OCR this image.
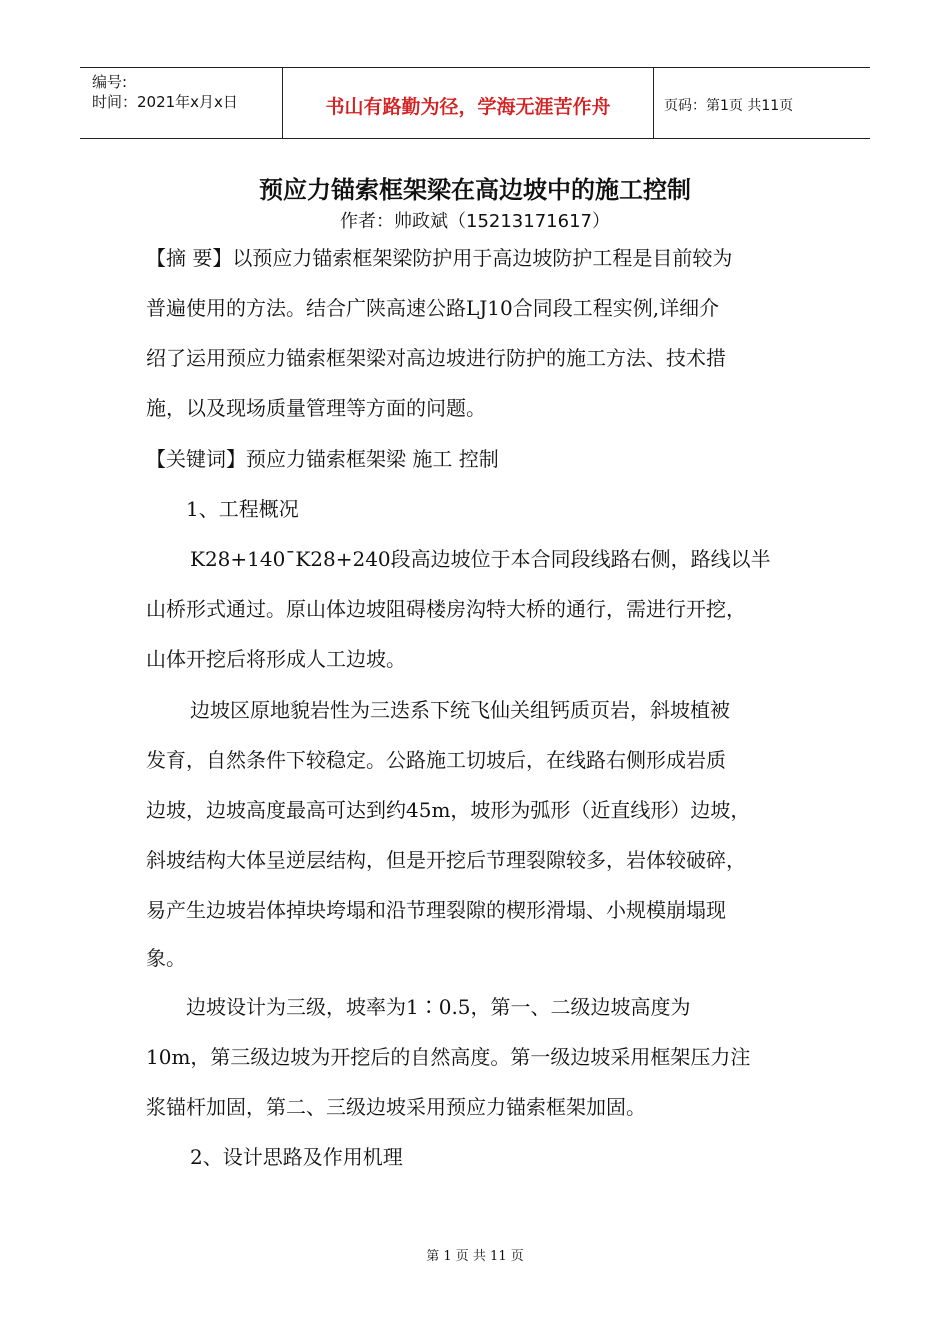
编号:
时间：2021年x月x日	书山有路勤为径，学海无涯苦作舟	页码：第1页 共11页
预应力锚索框架梁在高边坡中的施工控制
作者：帅政斌（15213171617）
【摘 要】以预应力锚索框架梁防护用于高边坡防护工程是目前较为
普遍使用的方法。结合广陕高速公路LJ10合同段工程实例,详细介
绍了运用预应力锚索框架梁对高边坡进行防护的施工方法、技术措
施，以及现场质量管理等方面的问题。
【关键词】预应力锚索框架梁 施工 控制
1、工程概况
K28+140¯K28+240段高边坡位于本合同段线路右侧，路线以半
山桥形式通过。原山体边坡阻碍楼房沟特大桥的通行，需进行开挖，
山体开挖后将形成人工边坡。
边坡区原地貌岩性为三迭系下统飞仙关组钙质页岩，斜坡植被
发育，自然条件下较稳定。公路施工切坡后，在线路右侧形成岩质
边坡，边坡高度最高可达到约45m，坡形为弧形（近直线形）边坡，
斜坡结构大体呈逆层结构，但是开挖后节理裂隙较多，岩体较破碎，
易产生边坡岩体掉块垮塌和沿节理裂隙的楔形滑塌、小规模崩塌现
象。
边坡设计为三级，坡率为1∶0.5，第一、二级边坡高度为
10m，第三级边坡为开挖后的自然高度。第一级边坡采用框架压力注
浆锚杆加固，第二、三级边坡采用预应力锚索框架加固。
2、设计思路及作用机理
第 1 页 共 11 页
